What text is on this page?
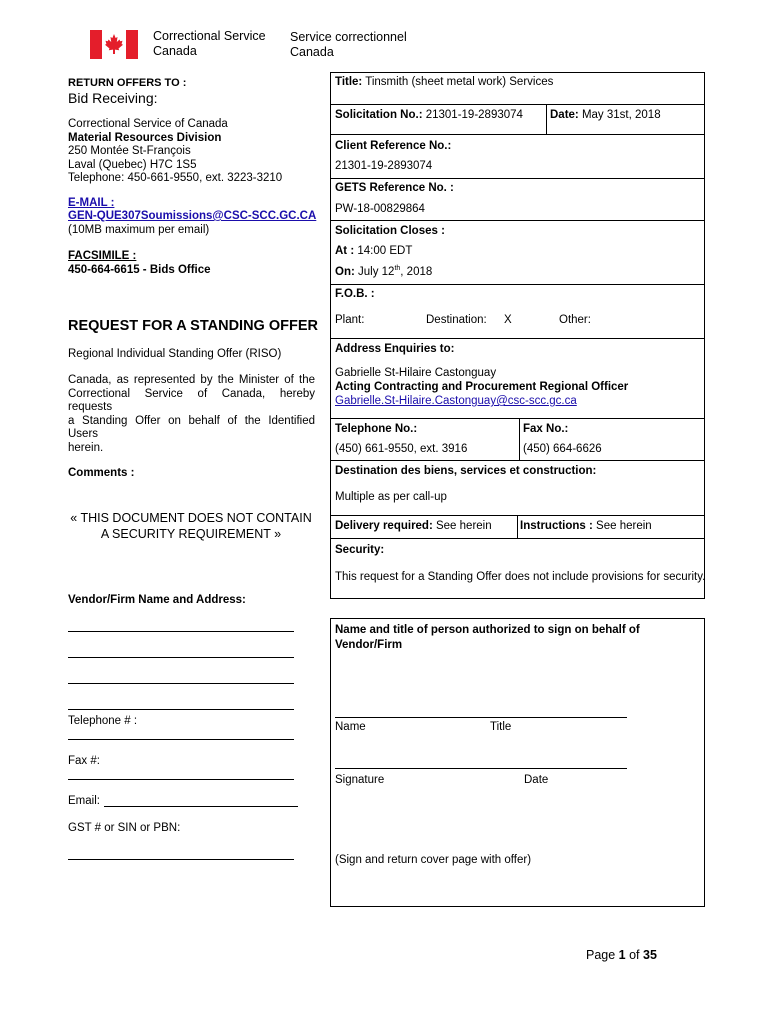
Correctional Service
Canada
Service correctionnel
Canada
RETURN OFFERS TO :
Bid Receiving:
Correctional Service of Canada
Material Resources Division
250 Montée St-François
Laval (Quebec) H7C 1S5
Telephone: 450-661-9550, ext. 3223-3210
E-MAIL :
GEN-QUE307Soumissions@CSC-SCC.GC.CA
(10MB maximum per email)
FACSIMILE :
450-664-6615 - Bids Office
REQUEST FOR A STANDING OFFER
Regional Individual Standing Offer (RISO)
Canada, as represented by the Minister of the
Correctional Service of Canada, hereby requests
a Standing Offer on behalf of the Identified Users
herein.
Comments :
« THIS DOCUMENT DOES NOT CONTAIN
A SECURITY REQUIREMENT »
Vendor/Firm Name and Address:
Telephone # :
Fax #:
Email:
GST # or SIN or PBN:
Title: Tinsmith (sheet metal work) Services
Solicitation No.: 21301-19-2893074 Date: May 31st, 2018
Client Reference No.:
21301-19-2893074
GETS Reference No. :
PW-18-00829864
Solicitation Closes :
At : 14:00 EDT
On: July 12th, 2018
F.O.B. :
Plant:	Destination: X	Other:
Address Enquiries to:
Gabrielle St-Hilaire Castonguay
Acting Contracting and Procurement Regional Officer
Gabrielle.St-Hilaire.Castonguay@csc-scc.gc.ca
Telephone No.:
(450) 661-9550, ext. 3916
Fax No.:
(450) 664-6626
Destination des biens, services et construction:
Multiple as per call-up
Delivery required: See herein Instructions : See herein
Security:
This request for a Standing Offer does not include provisions for security.
Name and title of person authorized to sign on behalf of
Vendor/Firm
Name	Title
Signature	Date
(Sign and return cover page with offer)
Page 1 of 35
